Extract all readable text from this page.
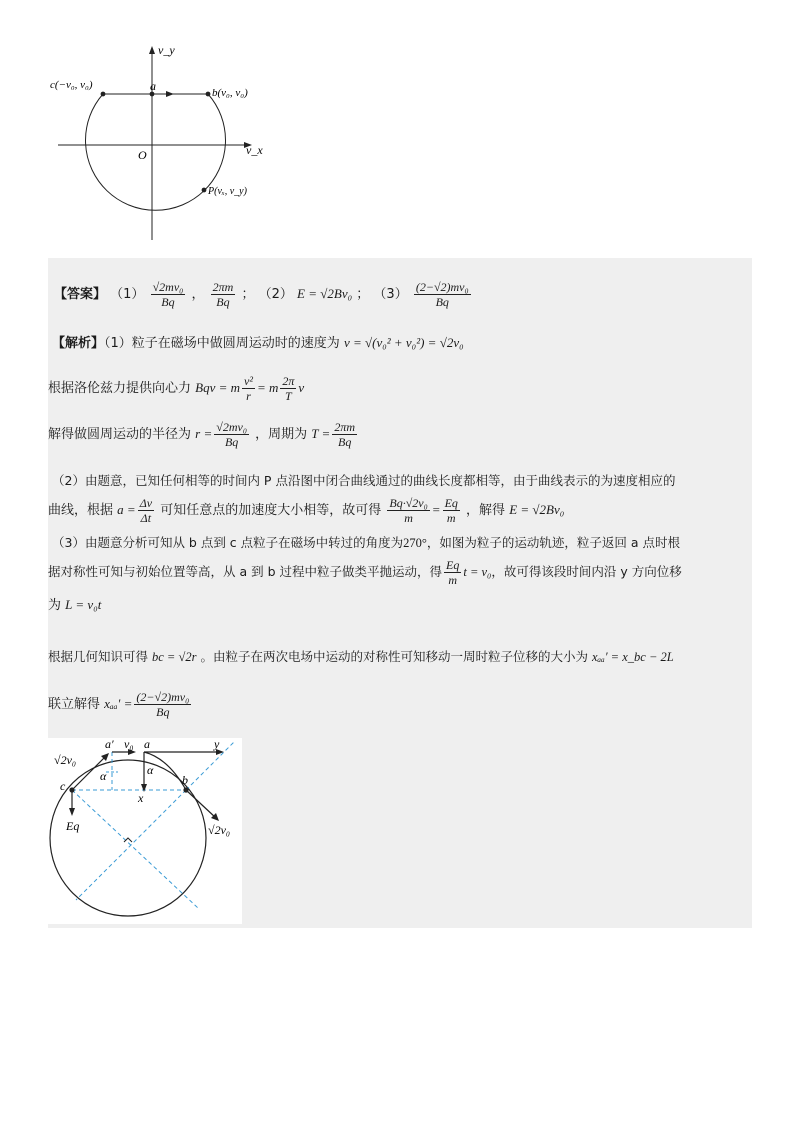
v_y
v_x
O
a	b(v₀, v₀)
c(−v₀, v₀)
P(vₓ, v_y)
【答案】 $(1) \frac{\text{√2mv₀}}{Bq}$ ， $\frac{2\pi m}{Bq}$ ； （2） E = √2Bv₀ ； $(3) \frac{\text{(2−√2)mv₀}}{Bq}$
【解析】（1）粒子在磁场中做圆周运动时的速度为 v = √(v₀² + v₀²) = √2v₀
根据洛伦兹力提供向心力 Bqv = m $\frac{\text{v²}}{r} = m \frac{2\pi}{T}$ v
解得做圆周运动的半径为 $r = \frac{\text{√2mv₀}}{Bq}$ ，周期为 $T = \frac{2\pi m}{Bq}$
（2）由题意，已知任何相等的时间内 P 点沿图中闭合曲线通过的曲线长度都相等，由于曲线表示的为速度相应的
曲线，根据 $a = \frac{\Delta v}{\Delta t}$ 可知任意点的加速度大小相等，故可得 $\frac{\text{Bq·√2v₀}}{m} = \frac{Eq}{m}$ ，解得 E = √2Bv₀
（3）由题意分析可知从 b 点到 c 点粒子在磁场中转过的角度为270°，如图为粒子的运动轨迹，粒子返回 a 点时根
据对称性可知与初始位置等高，从 a 到 b 过程中粒子做类平抛运动，得 $\frac{Eq}{m}$ t = v₀，故可得该段时间内沿 y 方向位移
为 L = v₀t
根据几何知识可得 bc = √2r 。由粒子在两次电场中运动的对称性可知移动一周时粒子位移的大小为 xₐₐ′ = x_bc − 2L
联立解得 $x_{aa}' = \frac{\text{(2−√2)mv₀}}{Bq}$
a′ v₀ a	y
√2v₀
α	α
c
x
b
Eq	√2v₀
